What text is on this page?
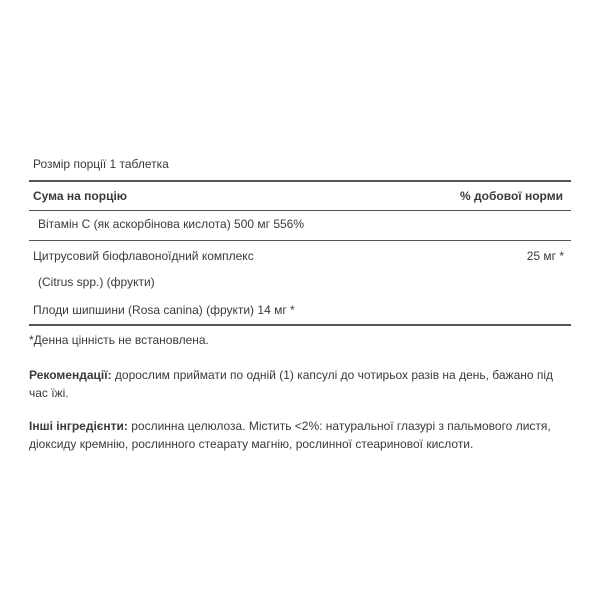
Розмір порції 1 таблетка
Сума на порцію	% добової норми
Вітамін С (як аскорбінова кислота) 500 мг 556%
Цитрусовий біофлавоноїдний комплекс	25 мг *
(Citrus spp.) (фрукти)
Плоди шипшини (Rosa canina) (фрукти) 14 мг *
*Денна цінність не встановлена.
Рекомендації: дорослим приймати по одній (1) капсулі до чотирьох разів на день, бажано під час їжі.
Інші інгредієнти: рослинна целюлоза. Містить <2%: натуральної глазурі з пальмового листя, діоксиду кремнію, рослинного стеарату магнію, рослинної стеаринової кислоти.
